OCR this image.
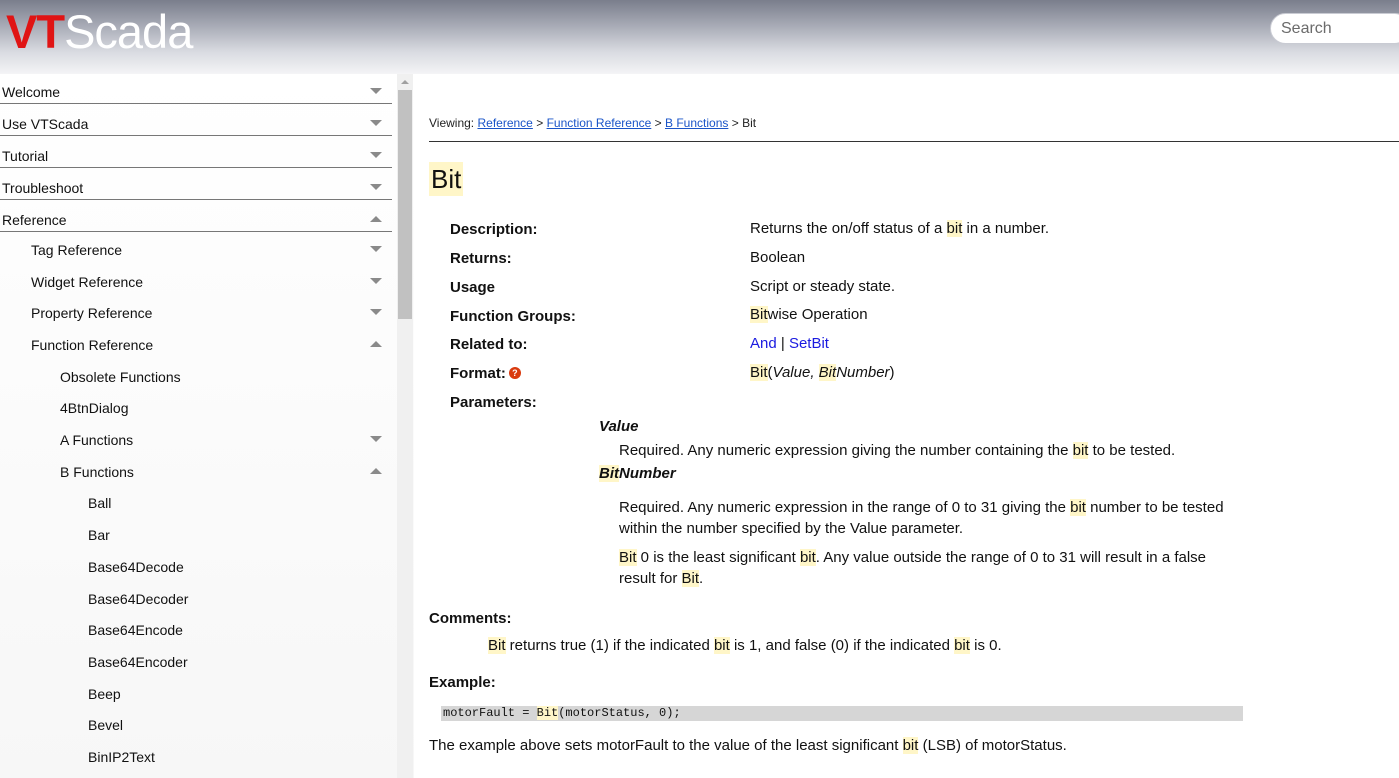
VTScada
Search
Welcome
Use VTScada
Tutorial
Troubleshoot
Reference
Tag Reference
Widget Reference
Property Reference
Function Reference
Obsolete Functions
4BtnDialog
A Functions
B Functions
Ball
Bar
Base64Decode
Base64Decoder
Base64Encode
Base64Encoder
Beep
Bevel
BinIP2Text
Viewing: Reference > Function Reference > B Functions > Bit
Bit
Description:	Returns the on/off status of a bit in a number.
Returns:	Boolean
Usage	Script or steady state.
Function Groups:	Bitwise Operation
Related to:	And | SetBit
Format: ?	Bit(Value, BitNumber)
Parameters:
Value
Required. Any numeric expression giving the number containing the bit to be tested.
BitNumber
Required. Any numeric expression in the range of 0 to 31 giving the bit number to be tested within the number specified by the Value parameter.
Bit 0 is the least significant bit. Any value outside the range of 0 to 31 will result in a false result for Bit.
Comments:
Bit returns true (1) if the indicated bit is 1, and false (0) if the indicated bit is 0.
Example:
motorFault = Bit(motorStatus, 0);
The example above sets motorFault to the value of the least significant bit (LSB) of motorStatus.
